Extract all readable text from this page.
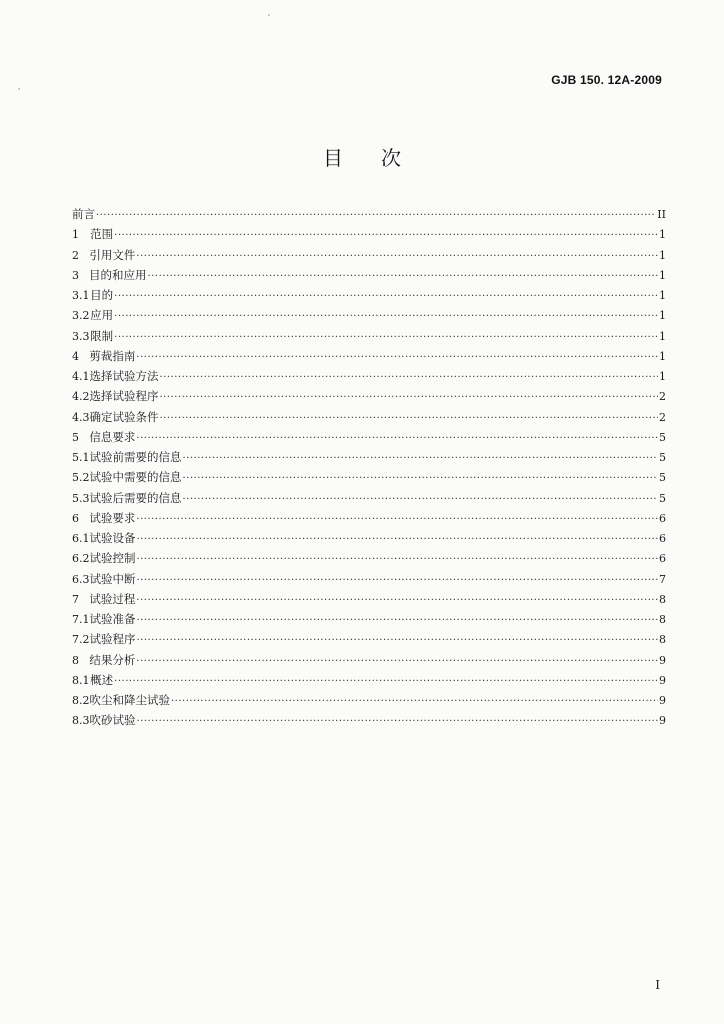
GJB 150. 12A-2009
目次
前言 ·····	II
1 范围 ·····	1
2 引用文件 ·····	1
3 目的和应用 ·····	1
3.1 目的 ·····	1
3.2 应用 ·····	1
3.3 限制 ·····	1
4 剪裁指南 ·····	1
4.1 选择试验方法 ·····	1
4.2 选择试验程序 ·····	2
4.3 确定试验条件 ·····	2
5 信息要求 ·····	5
5.1 试验前需要的信息 ·····	5
5.2 试验中需要的信息 ·····	5
5.3 试验后需要的信息 ·····	5
6 试验要求 ·····	6
6.1 试验设备 ·····	6
6.2 试验控制 ·····	6
6.3 试验中断 ·····	7
7 试验过程 ·····	8
7.1 试验准备 ·····	8
7.2 试验程序 ·····	8
8 结果分析 ·····	9
8.1 概述 ·····	9
8.2 吹尘和降尘试验 ·····	9
8.3 吹砂试验 ·····	9
I
